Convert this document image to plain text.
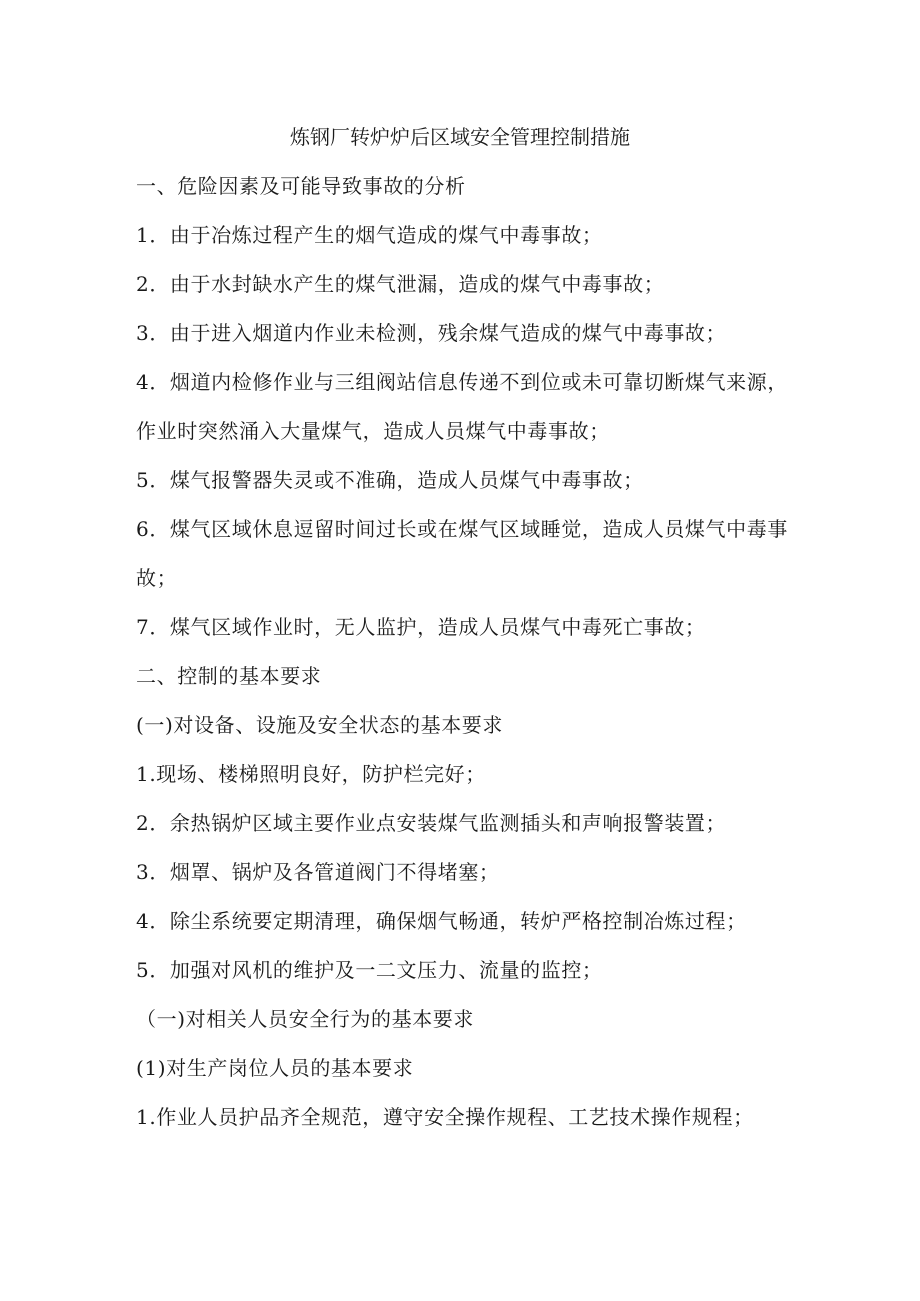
炼钢厂转炉炉后区域安全管理控制措施
一、危险因素及可能导致事故的分析
1．由于冶炼过程产生的烟气造成的煤气中毒事故；
2．由于水封缺水产生的煤气泄漏，造成的煤气中毒事故；
3．由于进入烟道内作业未检测，残余煤气造成的煤气中毒事故；
4．烟道内检修作业与三组阀站信息传递不到位或未可靠切断煤气来源，
作业时突然涌入大量煤气，造成人员煤气中毒事故；
5．煤气报警器失灵或不准确，造成人员煤气中毒事故；
6．煤气区域休息逗留时间过长或在煤气区域睡觉，造成人员煤气中毒事
故；
7．煤气区域作业时，无人监护，造成人员煤气中毒死亡事故；
二、控制的基本要求
(一)对设备、设施及安全状态的基本要求
1.现场、楼梯照明良好，防护栏完好；
2．余热锅炉区域主要作业点安装煤气监测插头和声响报警装置；
3．烟罩、锅炉及各管道阀门不得堵塞；
4．除尘系统要定期清理，确保烟气畅通，转炉严格控制冶炼过程；
5．加强对风机的维护及一二文压力、流量的监控；
（一)对相关人员安全行为的基本要求
(1)对生产岗位人员的基本要求
1.作业人员护品齐全规范，遵守安全操作规程、工艺技术操作规程；
